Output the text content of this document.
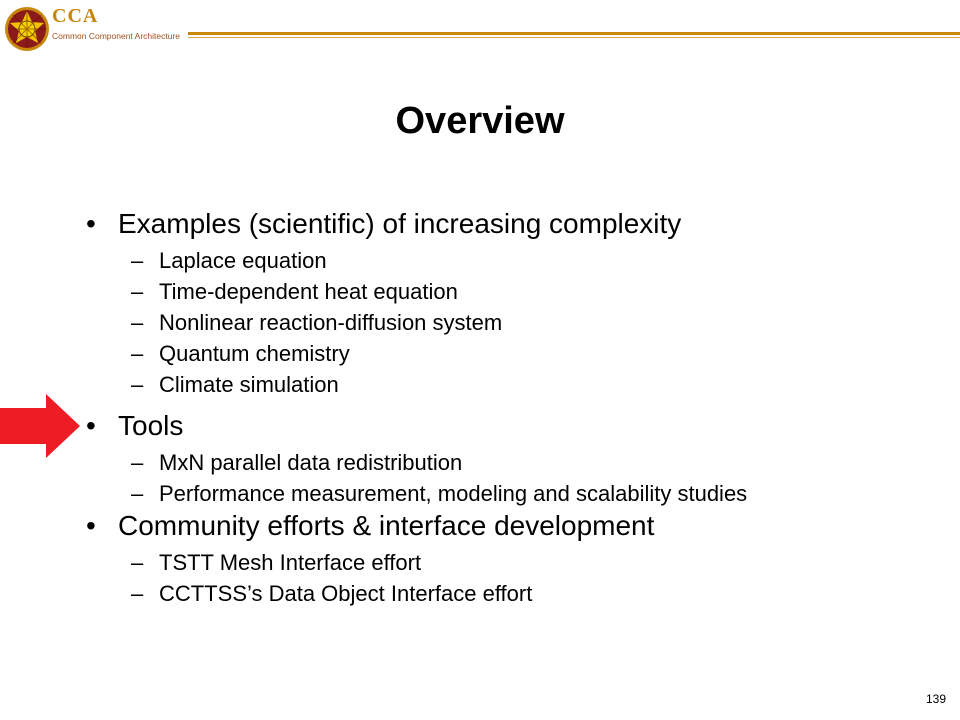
CCA
Common Component Architecture
Overview
• Examples (scientific) of increasing complexity
– Laplace equation
– Time-dependent heat equation
– Nonlinear reaction-diffusion system
– Quantum chemistry
– Climate simulation
• Tools
– MxN parallel data redistribution
– Performance measurement, modeling and scalability studies
• Community efforts & interface development
– TSTT Mesh Interface effort
– CCTTSS’s Data Object Interface effort
139
